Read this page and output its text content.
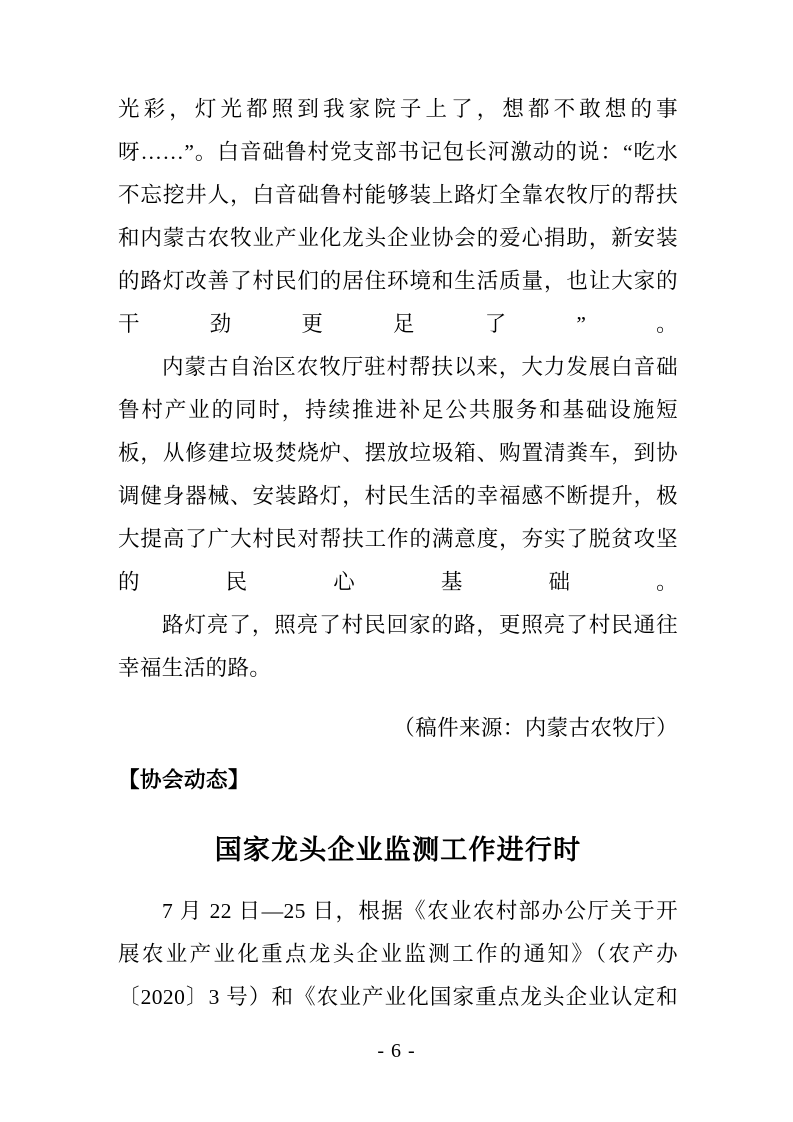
光彩，灯光都照到我家院子上了，想都不敢想的事呀……”。白音础鲁村党支部书记包长河激动的说：“吃水不忘挖井人，白音础鲁村能够装上路灯全靠农牧厅的帮扶和内蒙古农牧业产业化龙头企业协会的爱心捐助，新安装的路灯改善了村民们的居住环境和生活质量，也让大家的干劲更足了”。

内蒙古自治区农牧厅驻村帮扶以来，大力发展白音础鲁村产业的同时，持续推进补足公共服务和基础设施短板，从修建垃圾焚烧炉、摆放垃圾箱、购置清粪车，到协调健身器械、安装路灯，村民生活的幸福感不断提升，极大提高了广大村民对帮扶工作的满意度，夯实了脱贫攻坚的民心基础。

路灯亮了，照亮了村民回家的路，更照亮了村民通往幸福生活的路。

（稿件来源：内蒙古农牧厅）

【协会动态】

国家龙头企业监测工作进行时

7 月 22 日—25 日，根据《农业农村部办公厅关于开展农业产业化重点龙头企业监测工作的通知》（农产办〔2020〕3 号）和《农业产业化国家重点龙头企业认定和

- 6 -
